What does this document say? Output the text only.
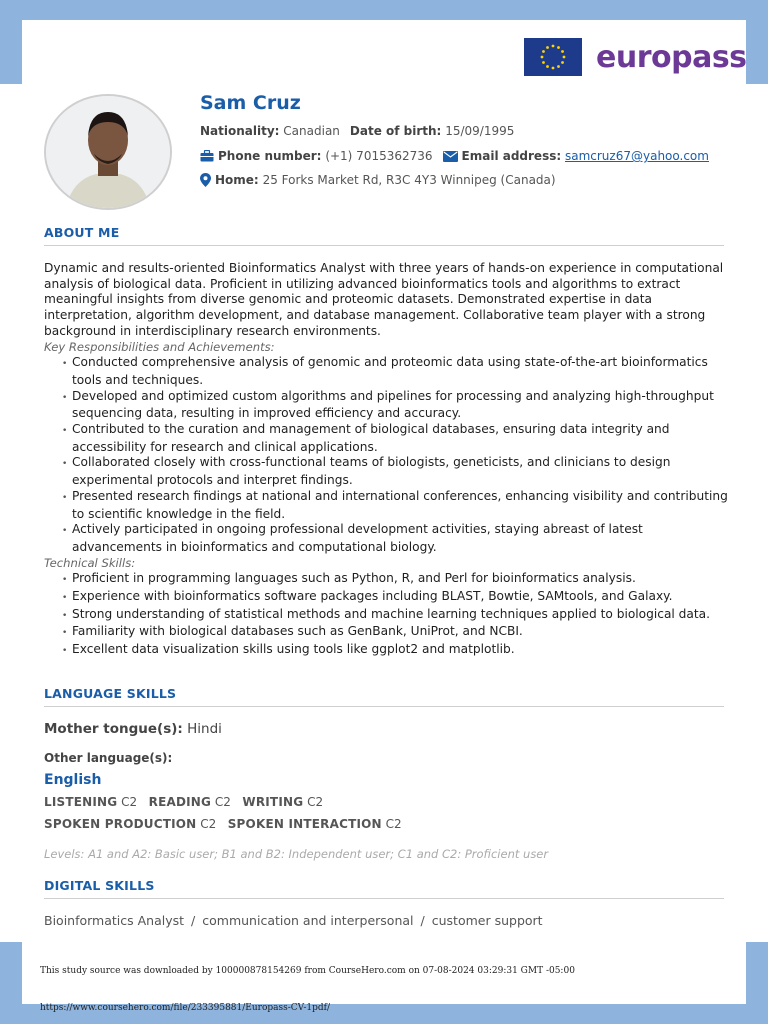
europass
Sam Cruz
Nationality:
Canadian Date of birth:
15/09/1995
Phone number:
(+1) 7015362736 Email address:
samcruz67@yahoo.com
Home:
25 Forks Market Rd, R3C 4Y3 Winnipeg (Canada)
ABOUT ME

Dynamic and results-oriented Bioinformatics Analyst with three years of hands-on experience in computational analysis of biological data. Proficient in utilizing advanced bioinformatics tools and algorithms to extract meaningful insights from diverse genomic and proteomic datasets. Demonstrated expertise in data interpretation, algorithm development, and database management. Collaborative team player with a strong background in interdisciplinary research environments.

Key Responsibilities and Achievements:

• Conducted comprehensive analysis of genomic and proteomic data using state-of-the-art bioinformatics tools and techniques.
• Developed and optimized custom algorithms and pipelines for processing and analyzing high-throughput sequencing data, resulting in improved efficiency and accuracy.
• Contributed to the curation and management of biological databases, ensuring data integrity and accessibility for research and clinical applications.
• Collaborated closely with cross-functional teams of biologists, geneticists, and clinicians to design experimental protocols and interpret findings.
• Presented research findings at national and international conferences, enhancing visibility and contributing to scientific knowledge in the field.
• Actively participated in ongoing professional development activities, staying abreast of latest advancements in bioinformatics and computational biology.

Technical Skills:

• Proficient in programming languages such as Python, R, and Perl for bioinformatics analysis.
• Experience with bioinformatics software packages including BLAST, Bowtie, SAMtools, and Galaxy.
• Strong understanding of statistical methods and machine learning techniques applied to biological data.
• Familiarity with biological databases such as GenBank, UniProt, and NCBI.
• Excellent data visualization skills using tools like ggplot2 and matplotlib.
LANGUAGE SKILLS
Mother tongue(s): Hindi
Other language(s):
English
LISTENING C2 READING C2 WRITING C2
SPOKEN PRODUCTION C2 SPOKEN INTERACTION C2
Levels: A1 and A2: Basic user; B1 and B2: Independent user; C1 and C2: Proficient user
DIGITAL SKILLS
Bioinformatics Analyst / communication and interpersonal / customer support
This study source was downloaded by 100000878154269 from CourseHero.com on 07-08-2024 03:29:31 GMT -05:00
https://www.coursehero.com/file/233395881/Europass-CV-1pdf/
